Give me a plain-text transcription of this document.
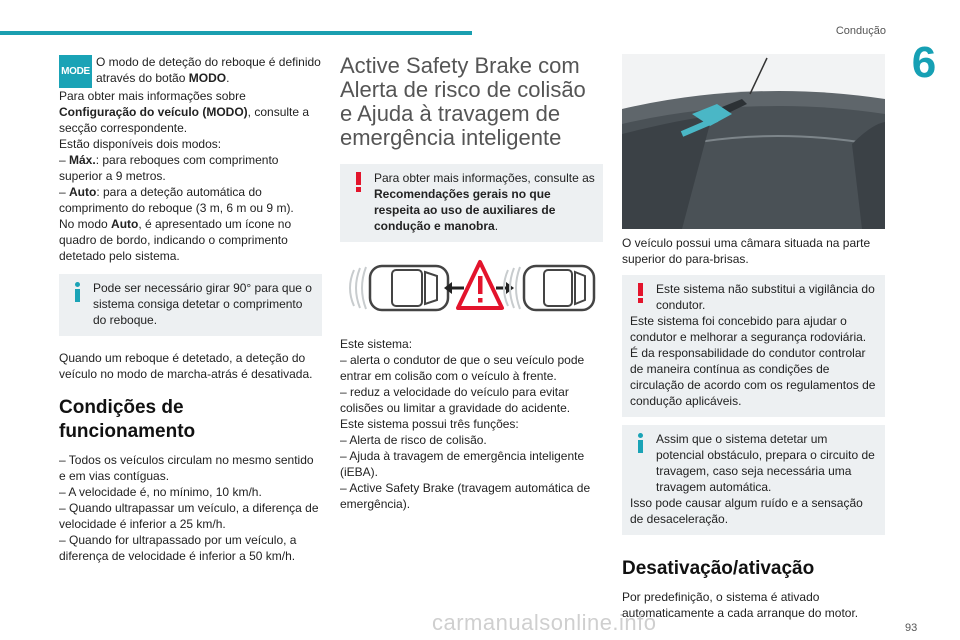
Condução
6
MODE

O modo de deteção do reboque é definido através do botão MODO.

Para obter mais informações sobre Configuração do veículo (MODO), consulte a secção correspondente.

Estão disponíveis dois modos:

– Máx.: para reboques com comprimento superior a 9 metros.

– Auto: para a deteção automática do comprimento do reboque (3 m, 6 m ou 9 m).

No modo Auto, é apresentado um ícone no quadro de bordo, indicando o comprimento detetado pelo sistema.

Pode ser necessário girar 90° para que o sistema consiga detetar o comprimento do reboque.

Quando um reboque é detetado, a deteção do veículo no modo de marcha-atrás é desativada.

Condições de funcionamento

– Todos os veículos circulam no mesmo sentido e em vias contíguas.

– A velocidade é, no mínimo, 10 km/h.

– Quando ultrapassar um veículo, a diferença de velocidade é inferior a 25 km/h.

– Quando for ultrapassado por um veículo, a diferença de velocidade é inferior a 50 km/h.

Active Safety Brake com Alerta de risco de colisão e Ajuda à travagem de emergência inteligente

Para obter mais informações, consulte as Recomendações gerais no que respeita ao uso de auxiliares de condução e manobra.

Este sistema:

– alerta o condutor de que o seu veículo pode entrar em colisão com o veículo à frente.

– reduz a velocidade do veículo para evitar colisões ou limitar a gravidade do acidente.

Este sistema possui três funções:

– Alerta de risco de colisão.

– Ajuda à travagem de emergência inteligente (iEBA).

– Active Safety Brake (travagem automática de emergência).

O veículo possui uma câmara situada na parte superior do para-brisas.

Este sistema não substitui a vigilância do condutor.

Este sistema foi concebido para ajudar o condutor e melhorar a segurança rodoviária.

É da responsabilidade do condutor controlar de maneira contínua as condições de circulação de acordo com os regulamentos de condução aplicáveis.

Assim que o sistema detetar um potencial obstáculo, prepara o circuito de travagem, caso seja necessária uma travagem automática.

Isso pode causar algum ruído e a sensação de desaceleração.

Desativação/ativação

Por predefinição, o sistema é ativado automaticamente a cada arranque do motor.

carmanualsonline.info	93
